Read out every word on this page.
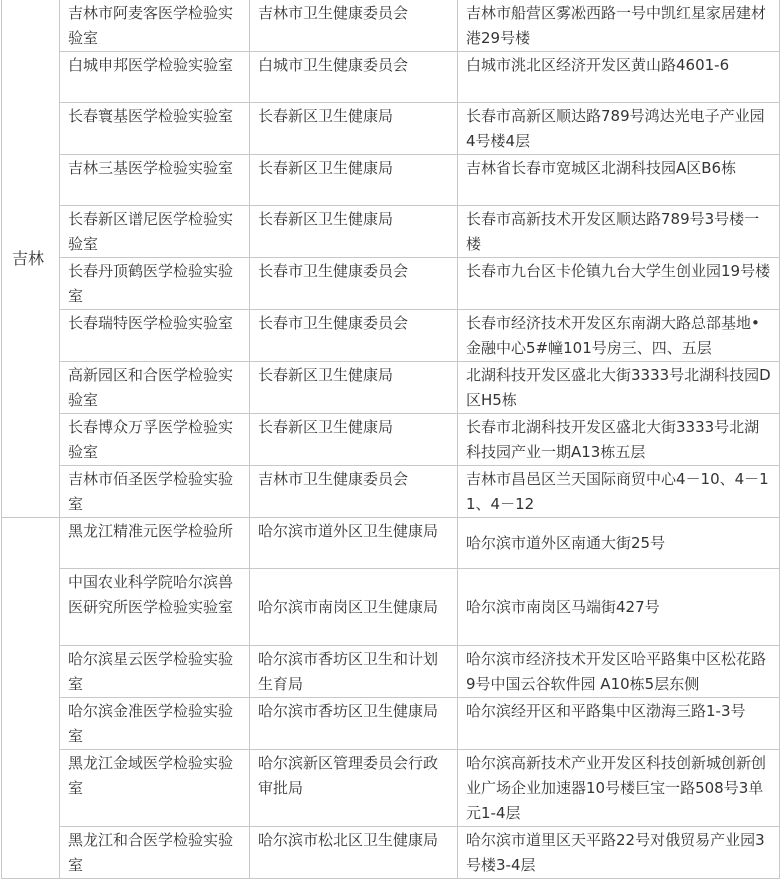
吉林	吉林市阿麦客医学检验实验室	吉林市卫生健康委员会	吉林市船营区雾凇西路一号中凯红星家居建材港29号楼
	白城申邦医学检验实验室	白城市卫生健康委员会	白城市洮北区经济开发区黄山路4601-6
	长春寰基医学检验实验室	长春新区卫生健康局	长春市高新区顺达路789号鸿达光电子产业园4号楼4层
	吉林三基医学检验实验室	长春新区卫生健康局	吉林省长春市宽城区北湖科技园A区B6栋
	长春新区谱尼医学检验实验室	长春新区卫生健康局	长春市高新技术开发区顺达路789号3号楼一楼
	长春丹顶鹤医学检验实验室	长春市卫生健康委员会	长春市九台区卡伦镇九台大学生创业园19号楼
	长春瑞特医学检验实验室	长春市卫生健康委员会	长春市经济技术开发区东南湖大路总部基地•金融中心5#幢101号房三、四、五层
	高新园区和合医学检验实验室	长春新区卫生健康局	北湖科技开发区盛北大街3333号北湖科技园D区H5栋
	长春博众万孚医学检验实验室	长春新区卫生健康局	长春市北湖科技开发区盛北大街3333号北湖科技园产业一期A13栋五层
	吉林市佰圣医学检验实验室	吉林市卫生健康委员会	吉林市昌邑区兰天国际商贸中心4－10、4－11、4－12
	黑龙江精准元医学检验所	哈尔滨市道外区卫生健康局	哈尔滨市道外区南通大街25号
	中国农业科学院哈尔滨兽医研究所医学检验实验室	哈尔滨市南岗区卫生健康局	哈尔滨市南岗区马端街427号
	哈尔滨星云医学检验实验室	哈尔滨市香坊区卫生和计划生育局	哈尔滨市经济技术开发区哈平路集中区松花路9号中国云谷软件园 A10栋5层东侧
	哈尔滨金准医学检验实验室	哈尔滨市香坊区卫生健康局	哈尔滨经开区和平路集中区渤海三路1-3号
	黑龙江金域医学检验实验室	哈尔滨新区管理委员会行政审批局	哈尔滨高新技术产业开发区科技创新城创新创业广场企业加速器10号楼巨宝一路508号3单元1-4层
	黑龙江和合医学检验实验室	哈尔滨市松北区卫生健康局	哈尔滨市道里区天平路22号对俄贸易产业园3号楼3-4层
